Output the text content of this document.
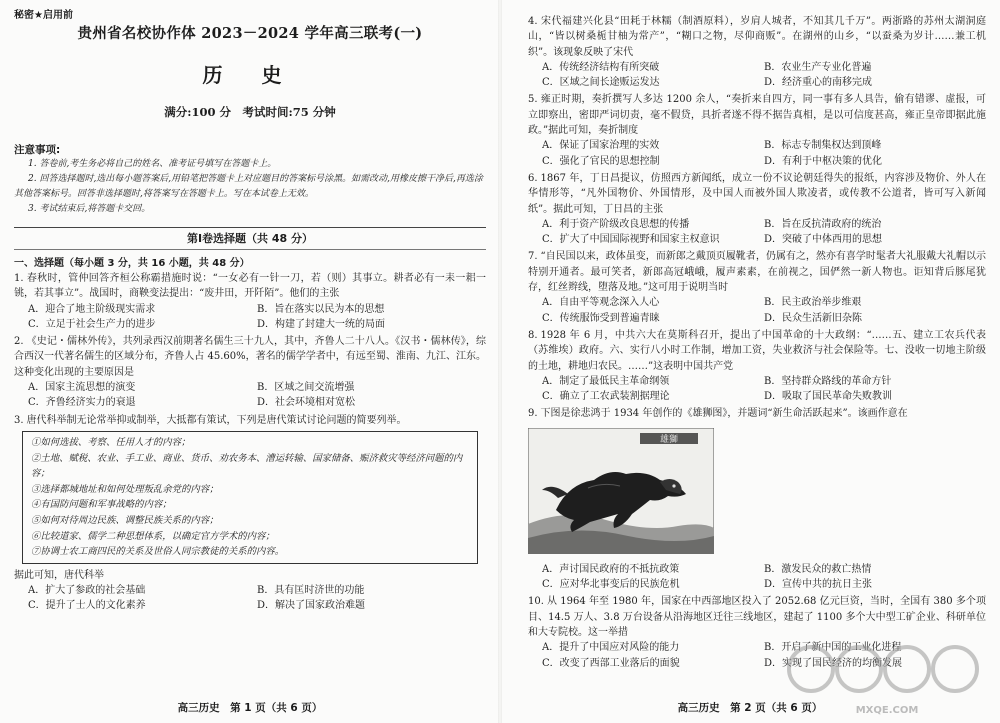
秘密★启用前
贵州省名校协作体 2023－2024 学年高三联考(一)
历 史
满分:100 分　考试时间:75 分钟
注意事项:
1. 答卷前,考生务必将自己的姓名、准考证号填写在答题卡上。
2. 回答选择题时,选出每小题答案后,用铅笔把答题卡上对应题目的答案标号涂黑。如需改动,用橡皮擦干净后,再选涂其他答案标号。回答非选择题时,将答案写在答题卡上。写在本试卷上无效。
3. 考试结束后,将答题卡交回。
第Ⅰ卷选择题（共 48 分）
一、选择题（每小题 3 分，共 16 小题，共 48 分）
1. 春秋时，管仲回答齐桓公称霸措施时说：“一女必有一针一刀，若（则）其事立。耕者必有一耒一耜一铫，若其事立”。战国时，商鞅变法提出：“废井田，开阡陌”。他们的主张
A．迎合了地主阶级现实需求	B．旨在落实以民为本的思想
C．立足于社会生产力的进步	D．构建了封建大一统的局面
2. 《史记・儒林外传》，共列录西汉前期著名儒生三十九人，其中，齐鲁人二十八人。《汉书・儒林传》，综合西汉一代著名儒生的区域分布，齐鲁人占 45.60%，著名的儒学学者中，有远至蜀、淮南、九江、江东。这种变化出现的主要原因是
A．国家主流思想的演变	B．区域之间交流增强
C．齐鲁经济实力的衰退	D．社会环境相对宽松
3. 唐代科举制无论常举抑或制举，大抵都有策试，下列是唐代策试讨论问题的简要列举。
①如何选拔、考察、任用人才的内容；
②土地、赋税、农业、手工业、商业、货币、劝农务本、漕运转输、国家储备、赈济救灾等经济问题的内容；
③选择都城地址和如何处理叛乱余党的内容；
④有国防问题和军事战略的内容；
⑤如何对待周边民族、调整民族关系的内容；
⑥比较道家、儒学二种思想体系，以确定官方学术的内容；
⑦协调士农工商四民的关系及世俗人同宗教徒的关系的内容。
据此可知，唐代科举
A．扩大了参政的社会基础	B．具有匡时济世的功能
C．提升了士人的文化素养	D．解决了国家政治难题
高三历史　第 1 页（共 6 页）
4. 宋代福建兴化县“田耗于林糯（制酒原料），岁肩人城者，不知其几千万”。两浙路的苏州太湖洞庭山，“皆以树桑栀甘柚为常产”，“糊口之物，尽仰商贩”。在湖州的山乡，“以蚕桑为岁计……兼工机织”。该现象反映了宋代
A．传统经济结构有所突破	B．农业生产专业化普遍
C．区域之间长途贩运发达	D．经济重心的南移完成
5. 雍正时期，奏折撰写人多达 1200 余人，“奏折来自四方，同一事有多人具告，偷有错谬、虚报，可立即察出，密即严词切责，毫不假贷，具折者遂不得不据告真相，是以可信度甚高，雍正皇帝即据此施政。”据此可知，奏折制度
A．保证了国家治理的实效	B．标志专制集权达到顶峰
C．强化了官民的思想控制	D．有利于中枢决策的优化
6. 1867 年，丁日昌提议，仿照西方新闻纸，成立一份不议论朝廷得失的报纸，内容涉及物价、外人在华情形等，“凡外国物价、外国情形，及中国人而被外国人欺凌者，或传教不公道者，皆可写入新闻纸”。据此可知，丁日昌的主张
A．利于资产阶级改良思想的传播	B．旨在反抗清政府的统治
C．扩大了中国国际视野和国家主权意识	D．突破了中体西用的思想
7. “自民国以来，政体虽变，而新郎之戴顶页履靴者，仍属有之，然亦有喜学时髦者大礼服戴大礼帽以示特别开通者。最可笑者，新郎高冠峨峨，履声素素，在前视之，国俨然一新人物也。讵知背后豚尾犹存，红丝辫线，堕落及地。”这可用于说明当时
A．自由平等观念深入人心	B．民主政治举步维艰
C．传统服饰受到普遍青睐	D．民众生活新旧杂陈
8. 1928 年 6 月，中共六大在莫斯科召开，提出了中国革命的十大政纲：“……五、建立工农兵代表（苏维埃）政府。六、实行八小时工作制，增加工资，失业救济与社会保险等。七、没收一切地主阶级的土地，耕地归农民。……”这表明中国共产党
A．制定了最低民主革命纲领	B．坚持群众路线的革命方针
C．确立了工农武装割据理论	D．吸取了国民革命失败教训
9. 下图是徐悲鸿于 1934 年创作的《雄狮图》，并题词“新生命活跃起来”。该画作意在
雄獅
A．声讨国民政府的不抵抗政策	B．激发民众的救亡热情
C．应对华北事变后的民族危机	D．宣传中共的抗日主张
10. 从 1964 年至 1980 年，国家在中西部地区投入了 2052.68 亿元巨资，当时，全国有 380 多个项目、14.5 万人、3.8 万台设备从沿海地区迁往三线地区，建起了 1100 多个大中型工矿企业、科研单位和大专院校。这一举措
A．提升了中国应对风险的能力	B．开启了新中国的工业化进程
C．改变了西部工业落后的面貌	D．实现了国民经济的均衡发展
高三历史　第 2 页（共 6 页）	MXQE.COM
